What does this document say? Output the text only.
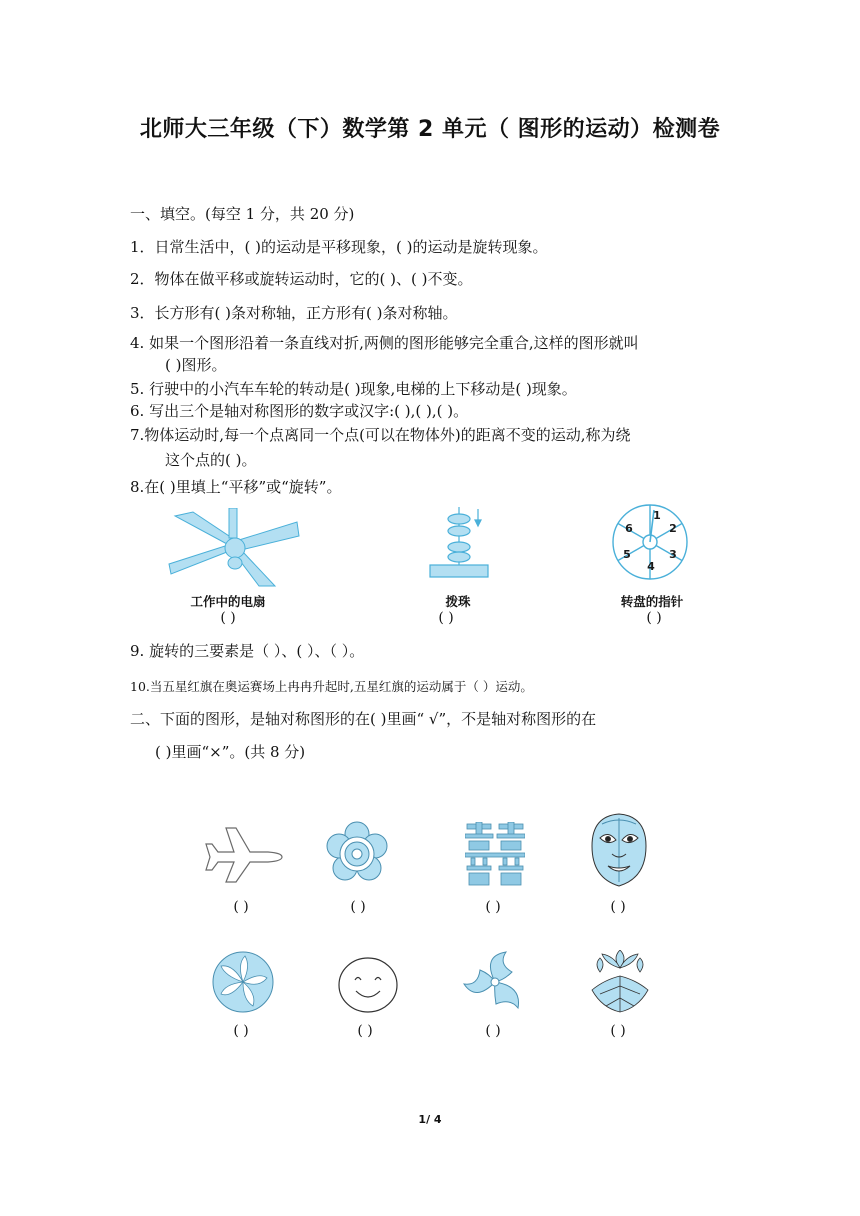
北师大三年级（下）数学第 2 单元（ 图形的运动）检测卷
一、填空。(每空 1 分，共 20 分)
1．日常生活中，( )的运动是平移现象，( )的运动是旋转现象。
2．物体在做平移或旋转运动时，它的( )、( )不变。
3．长方形有( )条对称轴，正方形有( )条对称轴。
4. 如果一个图形沿着一条直线对折,两侧的图形能够完全重合,这样的图形就叫
( )图形。
5. 行驶中的小汽车车轮的转动是( )现象,电梯的上下移动是( )现象。
6. 写出三个是轴对称图形的数字或汉字:( ),( ),( )。
7.物体运动时,每一个点离同一个点(可以在物体外)的距离不变的运动,称为绕
这个点的( )。
8.在( )里填上“平移”或“旋转”。
工作中的电扇
( )
拨珠
( )
1
2
3
4
5
6
转盘的指针
( )
9. 旋转的三要素是（ ）、( ）、（ ）。
10.当五星红旗在奥运赛场上冉冉升起时,五星红旗的运动属于（ ）运动。
二、下面的图形，是轴对称图形的在( )里画“ √”，不是轴对称图形的在
( )里画“×”。(共 8 分)
( )	( )	( )	( )
( )	( )	( )	( )
1/ 4
